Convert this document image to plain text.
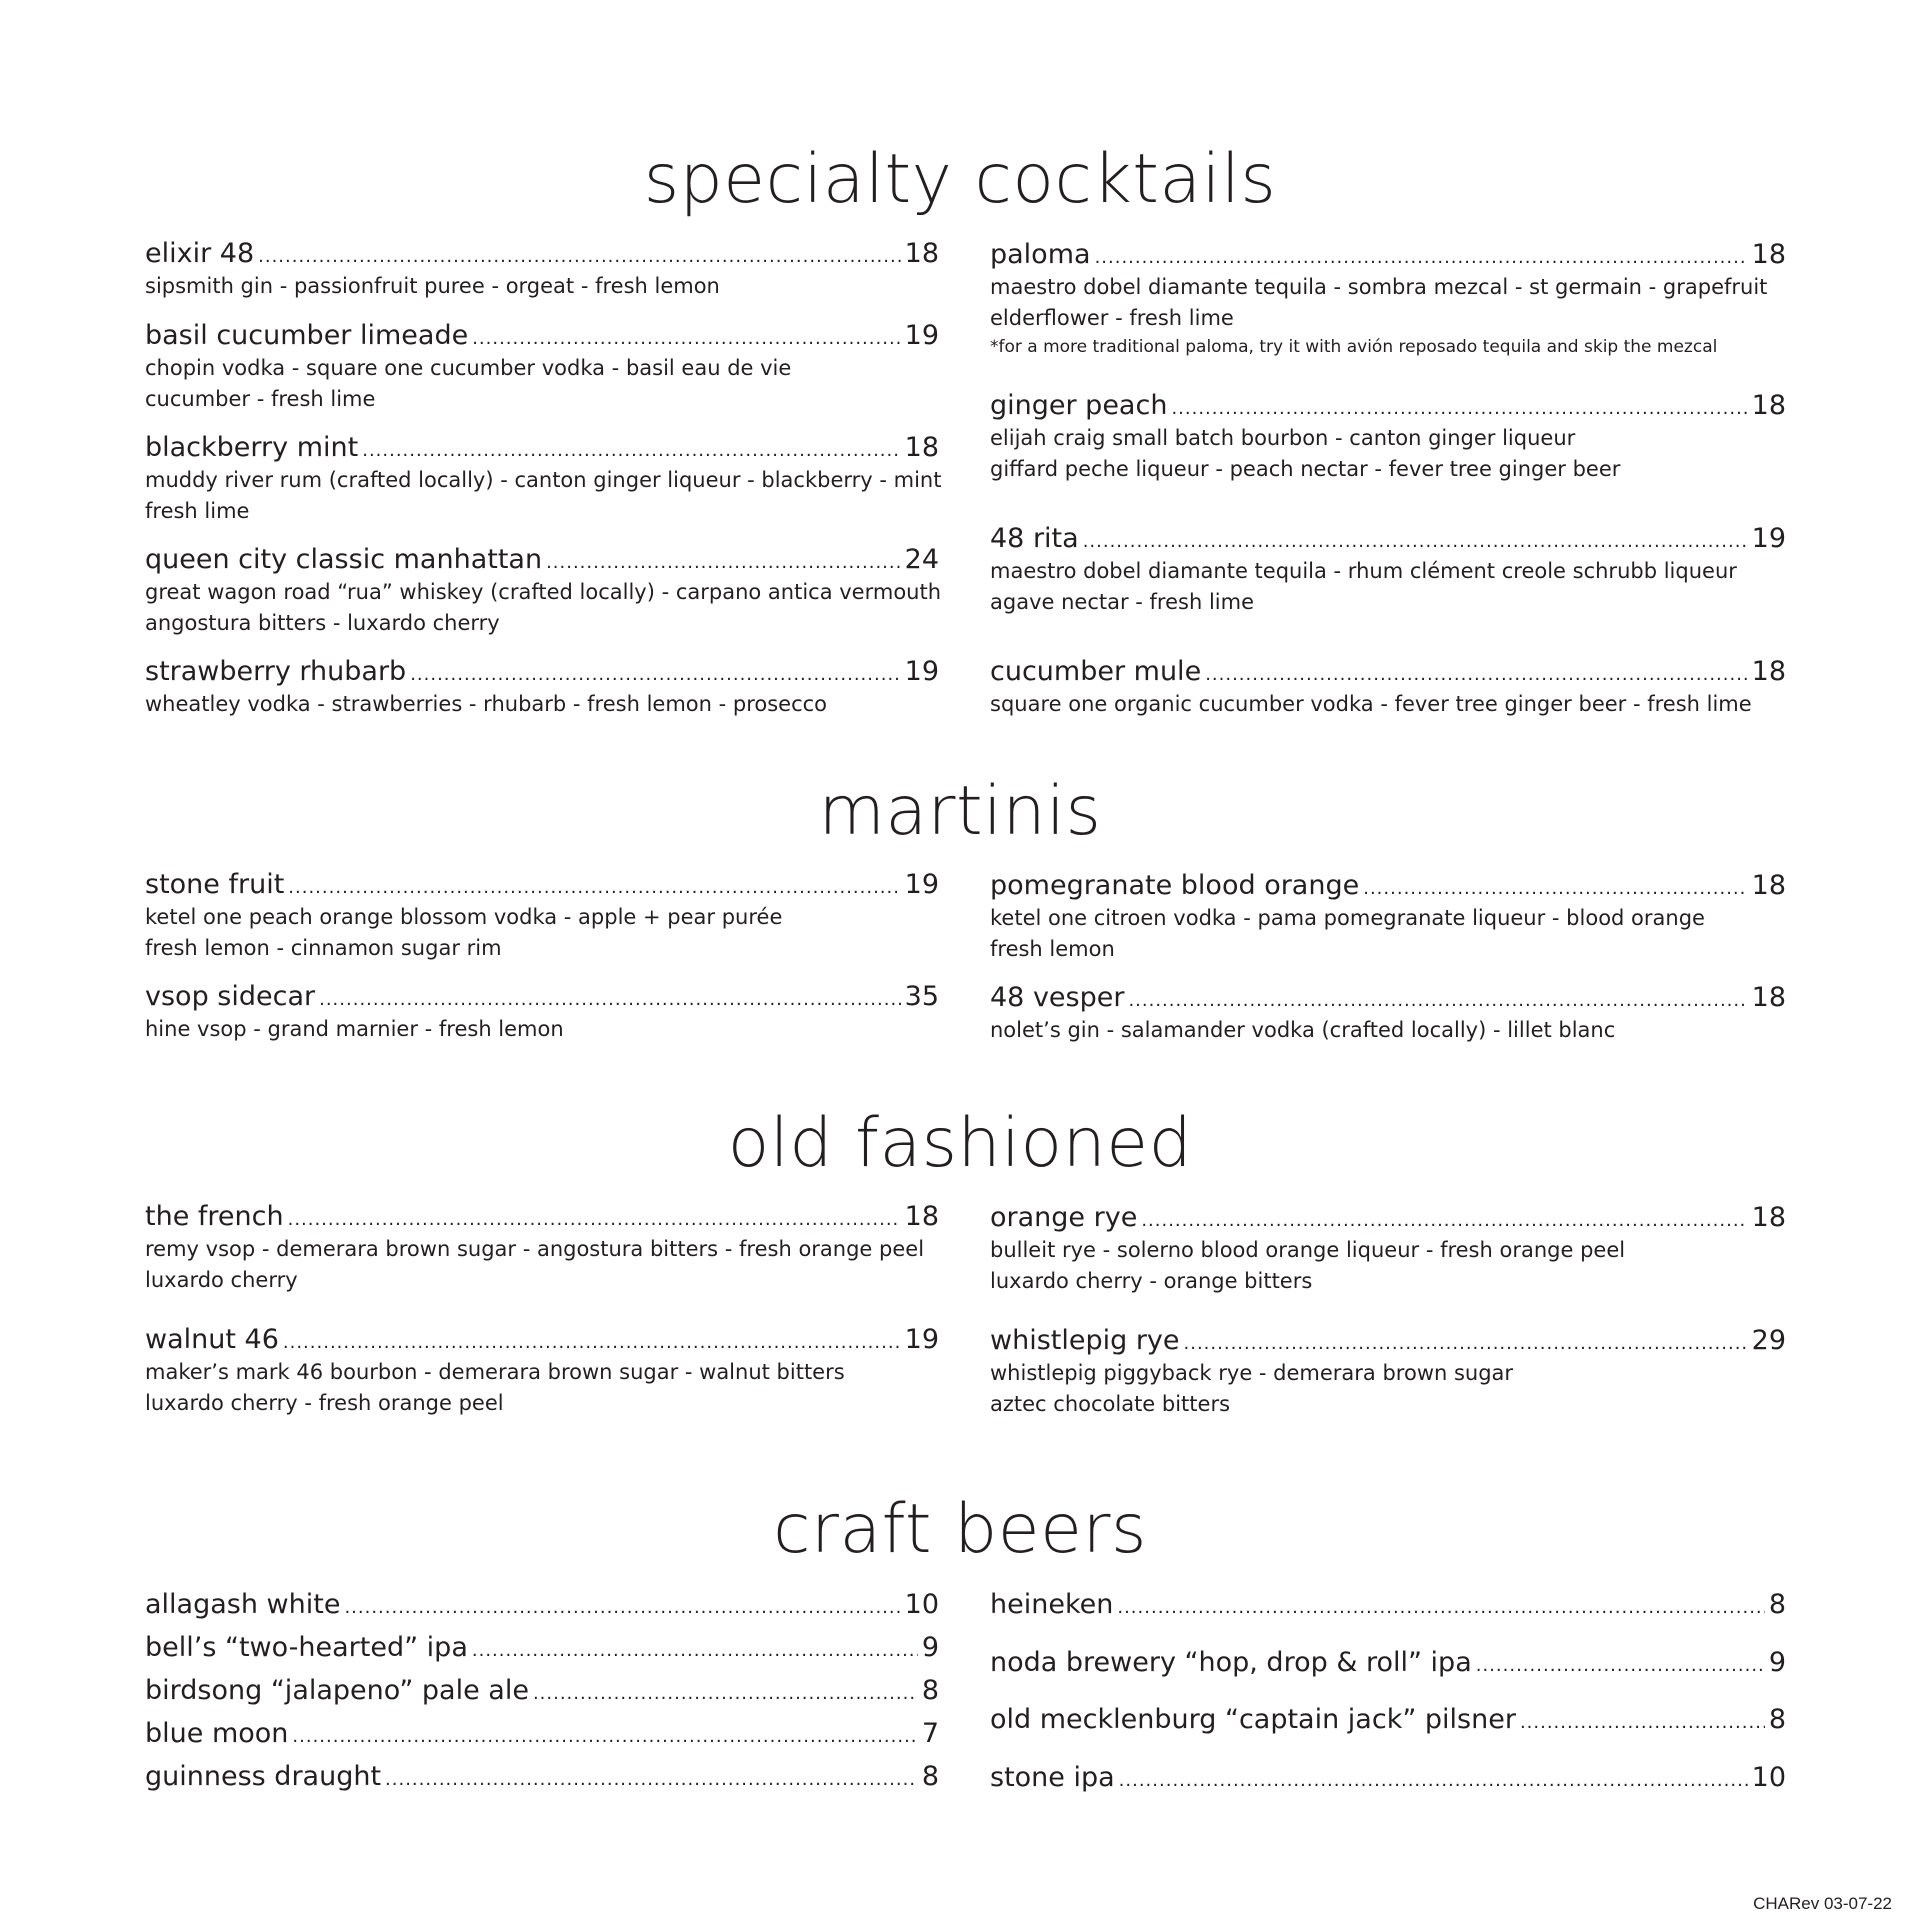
specialty cocktails
elixir 48 .....	18
sipsmith gin - passionfruit puree - orgeat - fresh lemon
basil cucumber limeade .....	19
chopin vodka - square one cucumber vodka - basil eau de vie
cucumber - fresh lime
blackberry mint .....	18
muddy river rum (crafted locally) - canton ginger liqueur - blackberry - mint
fresh lime
queen city classic manhattan .....	24
great wagon road “rua” whiskey (crafted locally) - carpano antica vermouth
angostura bitters - luxardo cherry
strawberry rhubarb .....	19
wheatley vodka - strawberries - rhubarb - fresh lemon - prosecco
paloma .....	18
maestro dobel diamante tequila - sombra mezcal - st germain - grapefruit
elderflower - fresh lime
*for a more traditional paloma, try it with avión reposado tequila and skip the mezcal
ginger peach .....	18
elijah craig small batch bourbon - canton ginger liqueur
giffard peche liqueur - peach nectar - fever tree ginger beer
48 rita .....	19
maestro dobel diamante tequila - rhum clément creole schrubb liqueur
agave nectar - fresh lime
cucumber mule .....	18
square one organic cucumber vodka - fever tree ginger beer - fresh lime
martinis
stone fruit .....	19
ketel one peach orange blossom vodka - apple + pear purée
fresh lemon - cinnamon sugar rim
vsop sidecar .....	35
hine vsop - grand marnier - fresh lemon
pomegranate blood orange .....	18
ketel one citroen vodka - pama pomegranate liqueur - blood orange
fresh lemon
48 vesper .....	18
nolet’s gin - salamander vodka (crafted locally) - lillet blanc
old fashioned
the french .....	18
remy vsop - demerara brown sugar - angostura bitters - fresh orange peel
luxardo cherry
walnut 46 .....	19
maker’s mark 46 bourbon - demerara brown sugar - walnut bitters
luxardo cherry - fresh orange peel
orange rye .....	18
bulleit rye - solerno blood orange liqueur - fresh orange peel
luxardo cherry - orange bitters
whistlepig rye .....	29
whistlepig piggyback rye - demerara brown sugar
aztec chocolate bitters
craft beers
allagash white .....	10
bell’s “two-hearted” ipa .....	9
birdsong “jalapeno” pale ale .....	8
blue moon .....	7
guinness draught .....	8
heineken .....	8
noda brewery “hop, drop & roll” ipa .....	9
old mecklenburg “captain jack” pilsner .....	8
stone ipa .....	10
CHARev 03-07-22
